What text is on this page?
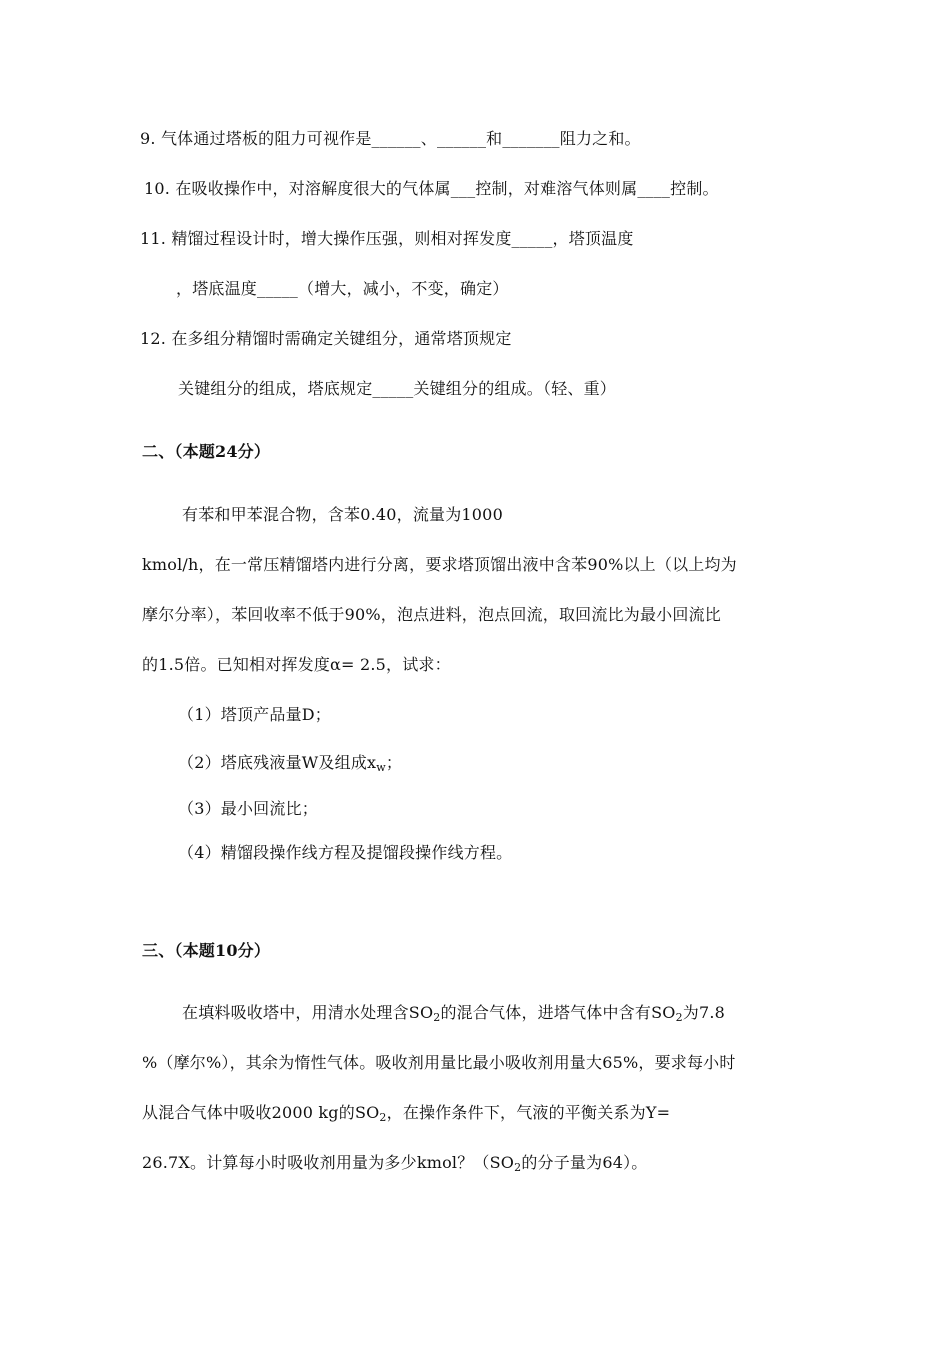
9. 气体通过塔板的阻力可视作是______、______和_______阻力之和。
10. 在吸收操作中，对溶解度很大的气体属___控制，对难溶气体则属____控制。
11. 精馏过程设计时，增大操作压强，则相对挥发度_____，塔顶温度
，塔底温度_____（增大，减小，不变，确定）
12. 在多组分精馏时需确定关键组分，通常塔顶规定
关键组分的组成，塔底规定_____关键组分的组成。（轻、重）
二、（本题24分）
有苯和甲苯混合物，含苯0.40，流量为1000
kmol/h，在一常压精馏塔内进行分离，要求塔顶馏出液中含苯90%以上（以上均为
摩尔分率），苯回收率不低于90%，泡点进料，泡点回流，取回流比为最小回流比
的1.5倍。已知相对挥发度α= 2.5，试求：
（1）塔顶产品量D；
（2）塔底残液量W及组成$x_w$；
（3）最小回流比；
（4）精馏段操作线方程及提馏段操作线方程。
三、（本题10分）
在填料吸收塔中，用清水处理含$SO_2$的混合气体，进塔气体中含有$SO_2$为7.8
%（摩尔%），其余为惰性气体。吸收剂用量比最小吸收剂用量大65%，要求每小时
从混合气体中吸收2000 kg的$SO_2$，在操作条件下，气液的平衡关系为Y=
26.7X。计算每小时吸收剂用量为多少kmol？（$SO_2$的分子量为64）。
